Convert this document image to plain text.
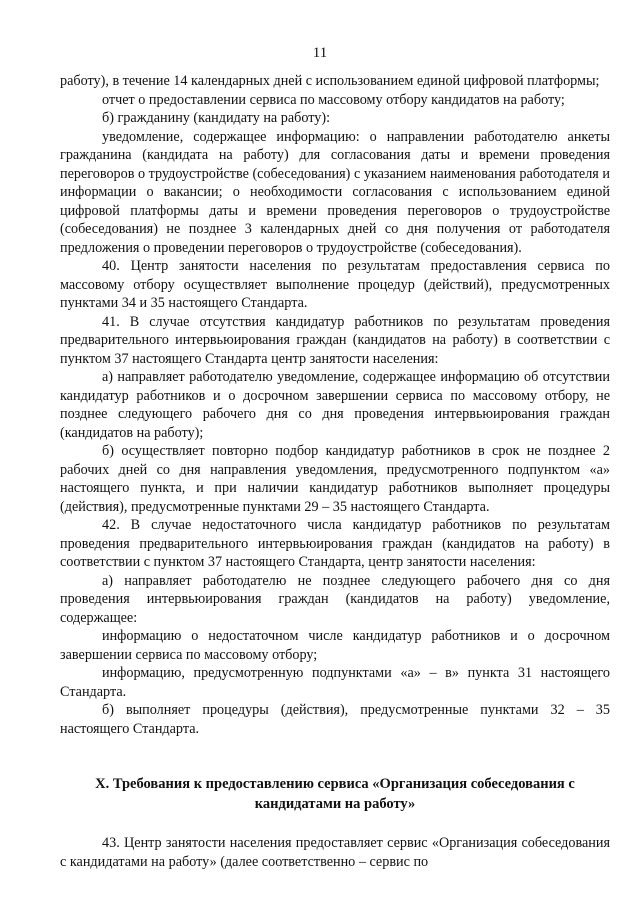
11

работу), в течение 14 календарных дней с использованием единой цифровой платформы;

отчет о предоставлении сервиса по массовому отбору кандидатов на работу;

б) гражданину (кандидату на работу):

уведомление, содержащее информацию: о направлении работодателю анкеты гражданина (кандидата на работу) для согласования даты и времени проведения переговоров о трудоустройстве (собеседования) с указанием наименования работодателя и информации о вакансии; о необходимости согласования с использованием единой цифровой платформы даты и времени проведения переговоров о трудоустройстве (собеседования) не позднее 3 календарных дней со дня получения от работодателя предложения о проведении переговоров о трудоустройстве (собеседования).

40. Центр занятости населения по результатам предоставления сервиса по массовому отбору осуществляет выполнение процедур (действий), предусмотренных пунктами 34 и 35 настоящего Стандарта.

41. В случае отсутствия кандидатур работников по результатам проведения предварительного интервьюирования граждан (кандидатов на работу) в соответствии с пунктом 37 настоящего Стандарта центр занятости населения:

а) направляет работодателю уведомление, содержащее информацию об отсутствии кандидатур работников и о досрочном завершении сервиса по массовому отбору, не позднее следующего рабочего дня со дня проведения интервьюирования граждан (кандидатов на работу);

б) осуществляет повторно подбор кандидатур работников в срок не позднее 2 рабочих дней со дня направления уведомления, предусмотренного подпунктом «а» настоящего пункта, и при наличии кандидатур работников выполняет процедуры (действия), предусмотренные пунктами 29 – 35 настоящего Стандарта.

42. В случае недостаточного числа кандидатур работников по результатам проведения предварительного интервьюирования граждан (кандидатов на работу) в соответствии с пунктом 37 настоящего Стандарта, центр занятости населения:

а) направляет работодателю не позднее следующего рабочего дня со дня проведения интервьюирования граждан (кандидатов на работу) уведомление, содержащее:

информацию о недостаточном числе кандидатур работников и о досрочном завершении сервиса по массовому отбору;

информацию, предусмотренную подпунктами «а» – в» пункта 31 настоящего Стандарта.

б) выполняет процедуры (действия), предусмотренные пунктами 32 – 35 настоящего Стандарта.

X. Требования к предоставлению сервиса «Организация собеседования с кандидатами на работу»

43. Центр занятости населения предоставляет сервис «Организация собеседования с кандидатами на работу» (далее соответственно – сервис по
